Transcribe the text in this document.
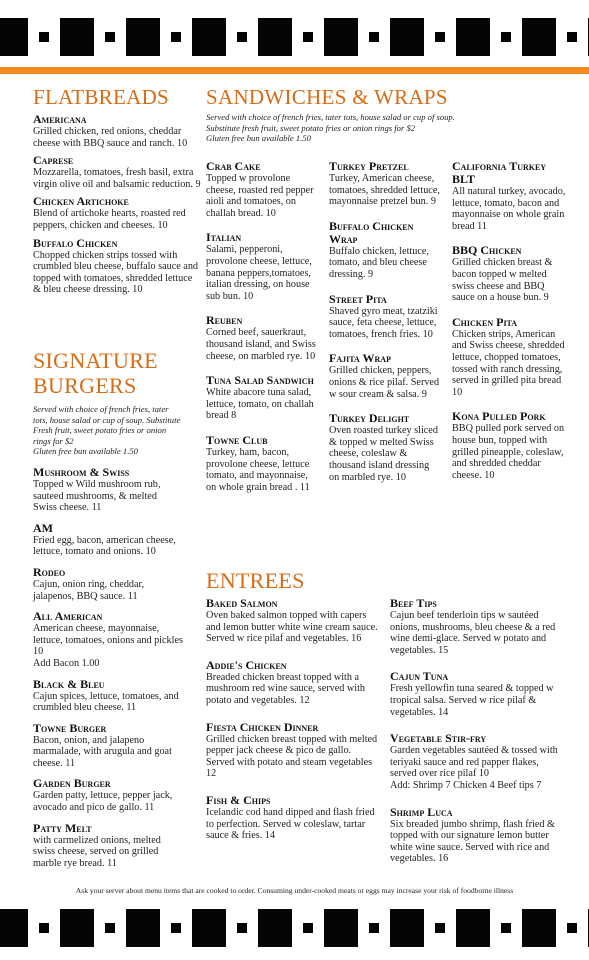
FLATBREADS
Americana
Grilled chicken, red onions, cheddar cheese with BBQ sauce and ranch. 10
Caprese
Mozzarella, tomatoes, fresh basil, extra virgin olive oil and balsamic reduction. 9
Chicken Artichoke
Blend of artichoke hearts, roasted red peppers, chicken and cheeses. 10
Buffalo Chicken
Chopped chicken strips tossed with crumbled bleu cheese, buffalo sauce and topped with tomatoes, shredded lettuce & bleu cheese dressing. 10
SIGNATURE
BURGERS
Served with choice of french fries, tater tots, house salad or cup of soup. Substitute Fresh fruit, sweet potato fries or onion rings for $2
Gluten free bun available 1.50
Mushroom & Swiss
Topped w Wild mushroom rub, sauteed mushrooms, & melted Swiss cheese. 11
AM
Fried egg, bacon, american cheese, lettuce, tomato and onions. 10
Rodeo
Cajun, onion ring, cheddar, jalapenos, BBQ sauce. 11
All American
American cheese, mayonnaise, lettuce, tomatoes, onions and pickles 10
Add Bacon 1.00
Black & Bleu
Cajun spices, lettuce, tomatoes, and crumbled bleu cheese. 11
Towne Burger
Bacon, onion, and jalapeno marmalade, with arugula and goat cheese. 11
Garden Burger
Garden patty, lettuce, pepper jack, avocado and pico de gallo. 11
Patty Melt
with carmelized onions, melted swiss cheese, served on grilled marble rye bread. 11
SANDWICHES & WRAPS
Served with choice of french fries, tater tots, house salad or cup of soup.
Substitute fresh fruit, sweet potato fries or onion rings for $2
Gluten free bun available 1.50
Crab Cake
Topped w provolone cheese, roasted red pepper aioli and tomatoes, on challah bread. 10
Italian
Salami, pepperoni, provolone cheese, lettuce, banana peppers,tomatoes, italian dressing, on house sub bun. 10
Reuben
Corned beef, sauerkraut, thousand island, and Swiss cheese, on marbled rye. 10
Tuna Salad Sandwich
White abacore tuna salad, lettuce, tomato, on challah bread 8
Towne Club
Turkey, ham, bacon, provolone cheese, lettuce tomato, and mayonnaise, on whole grain bread . 11
Turkey Pretzel
Turkey, American cheese, tomatoes, shredded lettuce, mayonnaise pretzel bun. 9
Buffalo Chicken Wrap
Buffalo chicken, lettuce, tomato, and bleu cheese dressing. 9
Street Pita
Shaved gyro meat, tzatziki sauce, feta cheese, lettuce, tomatoes, french fries. 10
Fajita Wrap
Grilled chicken, peppers, onions & rice pilaf. Served w sour cream & salsa. 9
Turkey Delight
Oven roasted turkey sliced & topped w melted Swiss cheese, coleslaw & thousand island dressing on marbled rye. 10
California Turkey BLT
All natural turkey, avocado, lettuce, tomato, bacon and mayonnaise on whole grain bread 11
BBQ Chicken
Grilled chicken breast & bacon topped w melted swiss cheese and BBQ sauce on a house bun. 9
Chicken Pita
Chicken strips, American and Swiss cheese, shredded lettuce, chopped tomatoes, tossed with ranch dressing, served in grilled pita bread 10
Kona Pulled Pork
BBQ pulled pork served on house bun, topped with grilled pineapple, coleslaw, and shredded cheddar cheese. 10
ENTREES
Baked Salmon
Oven baked salmon topped with capers and lemon butter white wine cream sauce. Served w rice pilaf and vegetables. 16
Addie's Chicken
Breaded chicken breast topped with a mushroom red wine sauce, served with potato and vegetables. 12
Fiesta Chicken Dinner
Grilled chicken breast topped with melted pepper jack cheese & pico de gallo. Served with potato and steam vegetables 12
Fish & Chips
Icelandic cod hand dipped and flash fried to perfection. Served w coleslaw, tartar sauce & fries. 14
Beef Tips
Cajun beef tenderloin tips w sautéed onions, mushrooms, bleu cheese & a red wine demi-glace. Served w potato and vegetables. 15
Cajun Tuna
Fresh yellowfin tuna seared & topped w tropical salsa. Served w rice pilaf & vegetables. 14
Vegetable Stir-fry
Garden vegetables sautéed & tossed with teriyaki sauce and red papper flakes, served over rice pilaf 10
Add: Shrimp 7 Chicken 4 Beef tips 7
Shrimp Luca
Six breaded jumbo shrimp, flash fried & topped with our signature lemon butter white wine sauce. Served with rice and vegetables. 16
Ask your server about menu items that are cooked to order. Consuming under-cooked meats or eggs may increase your risk of foodborne illness
